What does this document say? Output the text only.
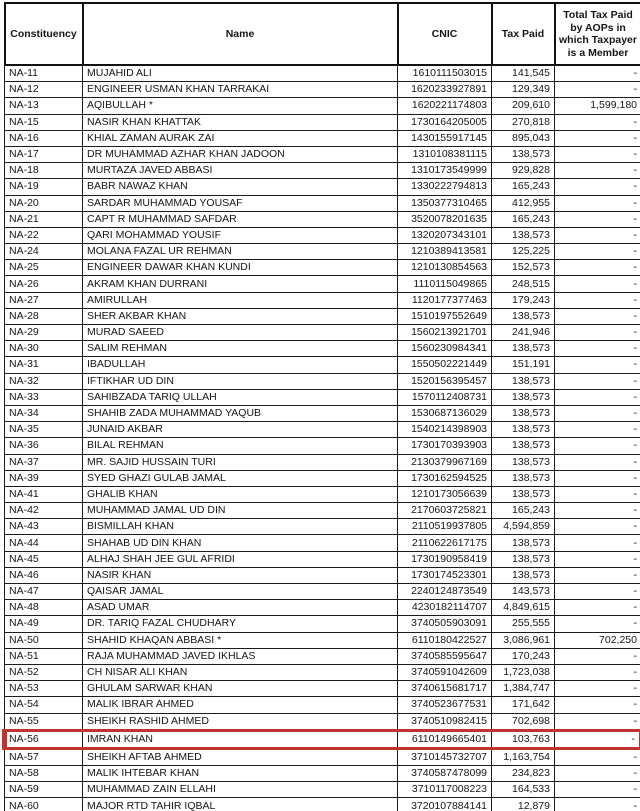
Constituency	Name	CNIC	Tax Paid	Total Tax Paid by AOPs in which Taxpayer is a Member
NA-11	MUJAHID ALI	1610111503015	141,545	-
NA-12	ENGINEER USMAN KHAN TARRAKAI	1620233927891	129,349	-
NA-13	AQIBULLAH *	1620221174803	209,610	1,599,180
NA-15	NASIR KHAN KHATTAK	1730164205005	270,818	-
NA-16	KHIAL ZAMAN AURAK ZAI	1430155917145	895,043	-
NA-17	DR MUHAMMAD AZHAR KHAN JADOON	1310108381115	138,573	-
NA-18	MURTAZA JAVED ABBASI	1310173549999	929,828	-
NA-19	BABR NAWAZ KHAN	1330222794813	165,243	-
NA-20	SARDAR MUHAMMAD YOUSAF	1350377310465	412,955	-
NA-21	CAPT R MUHAMMAD SAFDAR	3520078201635	165,243	-
NA-22	QARI MOHAMMAD YOUSIF	1320207343101	138,573	-
NA-24	MOLANA FAZAL UR REHMAN	1210389413581	125,225	-
NA-25	ENGINEER DAWAR KHAN KUNDI	1210130854563	152,573	-
NA-26	AKRAM KHAN DURRANI	1110115049865	248,515	-
NA-27	AMIRULLAH	1120177377463	179,243	-
NA-28	SHER AKBAR KHAN	1510197552649	138,573	-
NA-29	MURAD SAEED	1560213921701	241,946	-
NA-30	SALIM REHMAN	1560230984341	138,573	-
NA-31	IBADULLAH	1550502221449	151,191	-
NA-32	IFTIKHAR UD DIN	1520156395457	138,573	-
NA-33	SAHIBZADA TARIQ ULLAH	1570112408731	138,573	-
NA-34	SHAHIB ZADA MUHAMMAD YAQUB	1530687136029	138,573	-
NA-35	JUNAID AKBAR	1540214398903	138,573	-
NA-36	BILAL REHMAN	1730170393903	138,573	-
NA-37	MR. SAJID HUSSAIN TURI	2130379967169	138,573	-
NA-39	SYED GHAZI GULAB JAMAL	1730162594525	138,573	-
NA-41	GHALIB KHAN	1210173056639	138,573	-
NA-42	MUHAMMAD JAMAL UD DIN	2170603725821	165,243	-
NA-43	BISMILLAH KHAN	2110519937805	4,594,859	-
NA-44	SHAHAB UD DIN KHAN	2110622617175	138,573	-
NA-45	ALHAJ SHAH JEE GUL AFRIDI	1730190958419	138,573	-
NA-46	NASIR KHAN	1730174523301	138,573	-
NA-47	QAISAR JAMAL	2240124873549	143,573	-
NA-48	ASAD UMAR	4230182114707	4,849,615	-
NA-49	DR. TARIQ FAZAL CHUDHARY	3740505903091	255,555	-
NA-50	SHAHID KHAQAN ABBASI *	6110180422527	3,086,961	702,250
NA-51	RAJA MUHAMMAD JAVED IKHLAS	3740585595647	170,243	-
NA-52	CH NISAR ALI KHAN	3740591042609	1,723,038	-
NA-53	GHULAM SARWAR KHAN	3740615681717	1,384,747	-
NA-54	MALIK IBRAR AHMED	3740523677531	171,642	-
NA-55	SHEIKH RASHID AHMED	3740510982415	702,698	-
NA-56	IMRAN KHAN	6110149665401	103,763	-
NA-57	SHEIKH AFTAB AHMED	3710145732707	1,163,754	-
NA-58	MALIK IHTEBAR KHAN	3740587478099	234,823	-
NA-59	MUHAMMAD ZAIN ELLAHI	3710117008223	164,533	-
NA-60	MAJOR RTD TAHIR IQBAL	3720107884141	12,879	-
